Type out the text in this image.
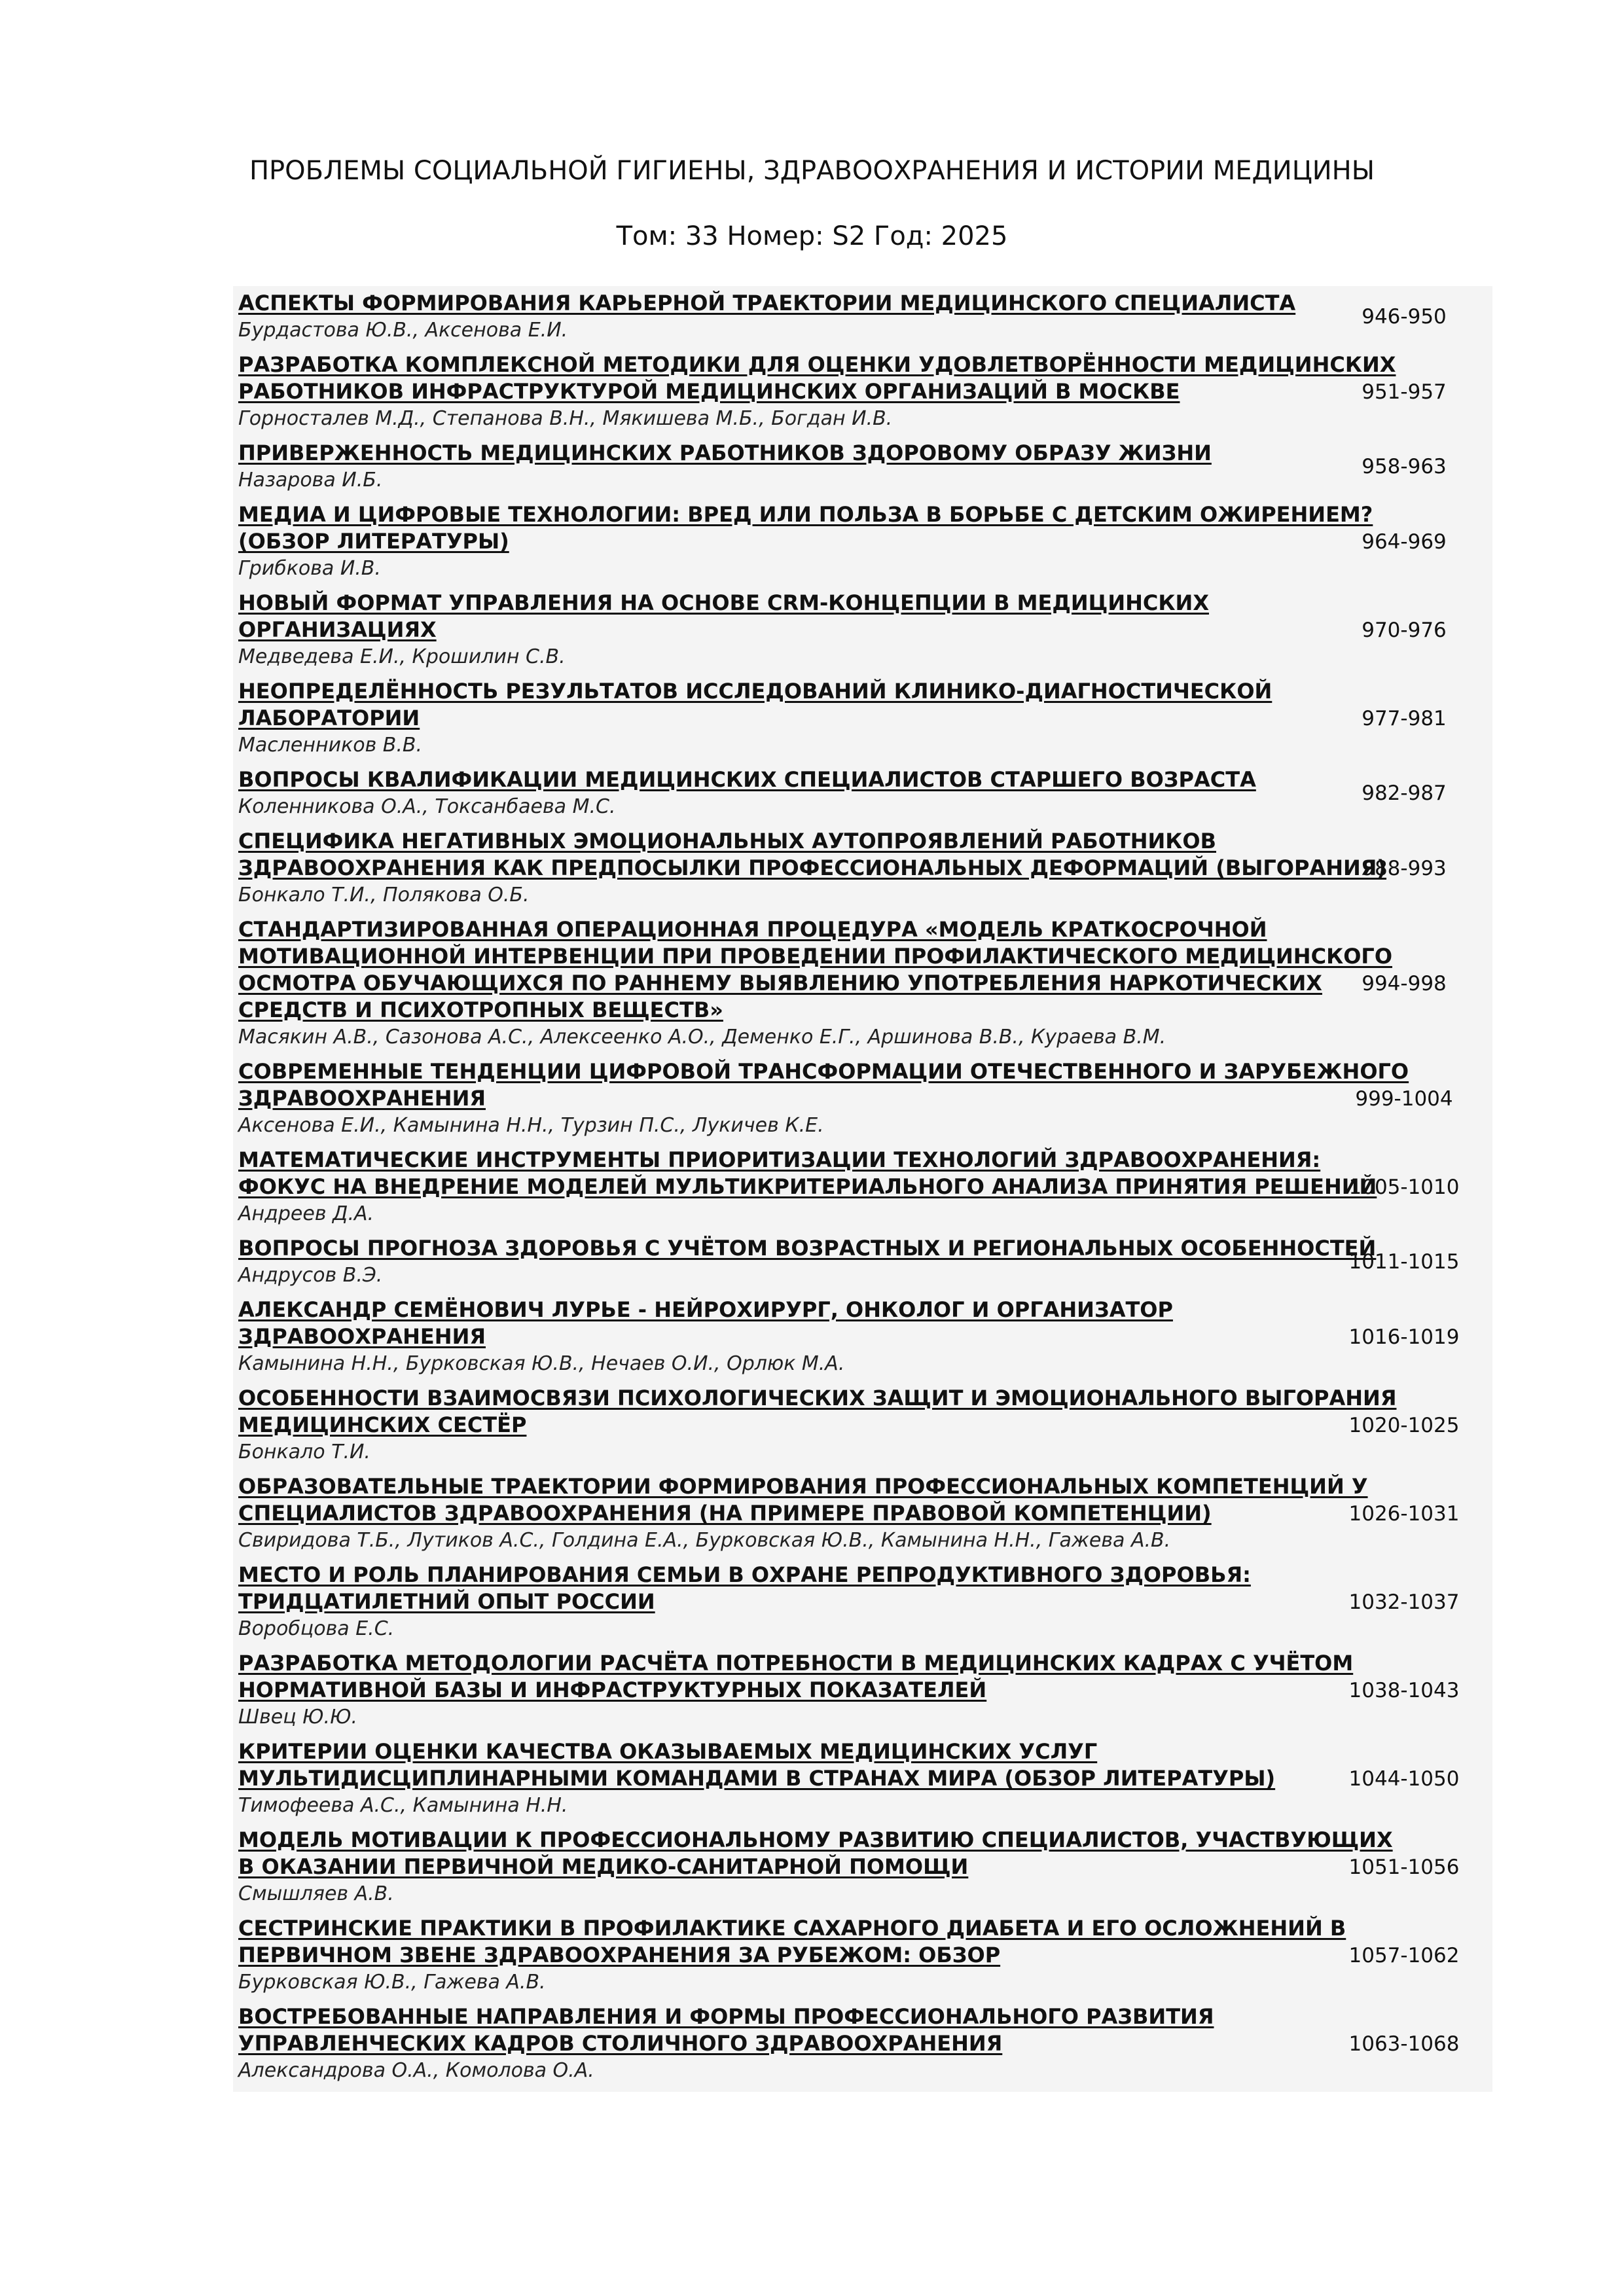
ПРОБЛЕМЫ СОЦИАЛЬНОЙ ГИГИЕНЫ, ЗДРАВООХРАНЕНИЯ И ИСТОРИИ МЕДИЦИНЫ
Том: 33 Номер: S2 Год: 2025
АСПЕКТЫ ФОРМИРОВАНИЯ КАРЬЕРНОЙ ТРАЕКТОРИИ МЕДИЦИНСКОГО СПЕЦИАЛИСТА
Бурдастова Ю.В., Аксенова Е.И.
946-950
РАЗРАБОТКА КОМПЛЕКСНОЙ МЕТОДИКИ ДЛЯ ОЦЕНКИ УДОВЛЕТВОРЁННОСТИ МЕДИЦИНСКИХ
РАБОТНИКОВ ИНФРАСТРУКТУРОЙ МЕДИЦИНСКИХ ОРГАНИЗАЦИЙ В МОСКВЕ
Горносталев М.Д., Степанова В.Н., Мякишева М.Б., Богдан И.В.
951-957
ПРИВЕРЖЕННОСТЬ МЕДИЦИНСКИХ РАБОТНИКОВ ЗДОРОВОМУ ОБРАЗУ ЖИЗНИ
Назарова И.Б.
958-963
МЕДИА И ЦИФРОВЫЕ ТЕХНОЛОГИИ: ВРЕД ИЛИ ПОЛЬЗА В БОРЬБЕ С ДЕТСКИМ ОЖИРЕНИЕМ?
(ОБЗОР ЛИТЕРАТУРЫ)
Грибкова И.В.
964-969
НОВЫЙ ФОРМАТ УПРАВЛЕНИЯ НА ОСНОВЕ CRM-КОНЦЕПЦИИ В МЕДИЦИНСКИХ
ОРГАНИЗАЦИЯХ
Медведева Е.И., Крошилин С.В.
970-976
НЕОПРЕДЕЛЁННОСТЬ РЕЗУЛЬТАТОВ ИССЛЕДОВАНИЙ КЛИНИКО-ДИАГНОСТИЧЕСКОЙ
ЛАБОРАТОРИИ
Масленников В.В.
977-981
ВОПРОСЫ КВАЛИФИКАЦИИ МЕДИЦИНСКИХ СПЕЦИАЛИСТОВ СТАРШЕГО ВОЗРАСТА
Коленникова О.А., Токсанбаева М.С.
982-987
СПЕЦИФИКА НЕГАТИВНЫХ ЭМОЦИОНАЛЬНЫХ АУТОПРОЯВЛЕНИЙ РАБОТНИКОВ
ЗДРАВООХРАНЕНИЯ КАК ПРЕДПОСЫЛКИ ПРОФЕССИОНАЛЬНЫХ ДЕФОРМАЦИЙ (ВЫГОРАНИЯ)
Бонкало Т.И., Полякова О.Б.
988-993
СТАНДАРТИЗИРОВАННАЯ ОПЕРАЦИОННАЯ ПРОЦЕДУРА «МОДЕЛЬ КРАТКОСРОЧНОЙ
МОТИВАЦИОННОЙ ИНТЕРВЕНЦИИ ПРИ ПРОВЕДЕНИИ ПРОФИЛАКТИЧЕСКОГО МЕДИЦИНСКОГО
ОСМОТРА ОБУЧАЮЩИХСЯ ПО РАННЕМУ ВЫЯВЛЕНИЮ УПОТРЕБЛЕНИЯ НАРКОТИЧЕСКИХ
СРЕДСТВ И ПСИХОТРОПНЫХ ВЕЩЕСТВ»
Масякин А.В., Сазонова А.С., Алексеенко А.О., Деменко Е.Г., Аршинова В.В., Кураева В.М.
994-998
СОВРЕМЕННЫЕ ТЕНДЕНЦИИ ЦИФРОВОЙ ТРАНСФОРМАЦИИ ОТЕЧЕСТВЕННОГО И ЗАРУБЕЖНОГО
ЗДРАВООХРАНЕНИЯ
Аксенова Е.И., Камынина Н.Н., Турзин П.С., Лукичев К.Е.
999-1004
МАТЕМАТИЧЕСКИЕ ИНСТРУМЕНТЫ ПРИОРИТИЗАЦИИ ТЕХНОЛОГИЙ ЗДРАВООХРАНЕНИЯ:
ФОКУС НА ВНЕДРЕНИЕ МОДЕЛЕЙ МУЛЬТИКРИТЕРИАЛЬНОГО АНАЛИЗА ПРИНЯТИЯ РЕШЕНИЙ
Андреев Д.А.
1005-1010
ВОПРОСЫ ПРОГНОЗА ЗДОРОВЬЯ С УЧЁТОМ ВОЗРАСТНЫХ И РЕГИОНАЛЬНЫХ ОСОБЕННОСТЕЙ
Андрусов В.Э.
1011-1015
АЛЕКСАНДР СЕМЁНОВИЧ ЛУРЬЕ - НЕЙРОХИРУРГ, ОНКОЛОГ И ОРГАНИЗАТОР
ЗДРАВООХРАНЕНИЯ
Камынина Н.Н., Бурковская Ю.В., Нечаев О.И., Орлюк М.А.
1016-1019
ОСОБЕННОСТИ ВЗАИМОСВЯЗИ ПСИХОЛОГИЧЕСКИХ ЗАЩИТ И ЭМОЦИОНАЛЬНОГО ВЫГОРАНИЯ
МЕДИЦИНСКИХ СЕСТЁР
Бонкало Т.И.
1020-1025
ОБРАЗОВАТЕЛЬНЫЕ ТРАЕКТОРИИ ФОРМИРОВАНИЯ ПРОФЕССИОНАЛЬНЫХ КОМПЕТЕНЦИЙ У
СПЕЦИАЛИСТОВ ЗДРАВООХРАНЕНИЯ (НА ПРИМЕРЕ ПРАВОВОЙ КОМПЕТЕНЦИИ)
Свиридова Т.Б., Лутиков А.С., Голдина Е.А., Бурковская Ю.В., Камынина Н.Н., Гажева А.В.
1026-1031
МЕСТО И РОЛЬ ПЛАНИРОВАНИЯ СЕМЬИ В ОХРАНЕ РЕПРОДУКТИВНОГО ЗДОРОВЬЯ:
ТРИДЦАТИЛЕТНИЙ ОПЫТ РОССИИ
Воробцова Е.С.
1032-1037
РАЗРАБОТКА МЕТОДОЛОГИИ РАСЧЁТА ПОТРЕБНОСТИ В МЕДИЦИНСКИХ КАДРАХ С УЧЁТОМ
НОРМАТИВНОЙ БАЗЫ И ИНФРАСТРУКТУРНЫХ ПОКАЗАТЕЛЕЙ
Швец Ю.Ю.
1038-1043
КРИТЕРИИ ОЦЕНКИ КАЧЕСТВА ОКАЗЫВАЕМЫХ МЕДИЦИНСКИХ УСЛУГ
МУЛЬТИДИСЦИПЛИНАРНЫМИ КОМАНДАМИ В СТРАНАХ МИРА (ОБЗОР ЛИТЕРАТУРЫ)
Тимофеева А.С., Камынина Н.Н.
1044-1050
МОДЕЛЬ МОТИВАЦИИ К ПРОФЕССИОНАЛЬНОМУ РАЗВИТИЮ СПЕЦИАЛИСТОВ, УЧАСТВУЮЩИХ
В ОКАЗАНИИ ПЕРВИЧНОЙ МЕДИКО-САНИТАРНОЙ ПОМОЩИ
Смышляев А.В.
1051-1056
СЕСТРИНСКИЕ ПРАКТИКИ В ПРОФИЛАКТИКЕ САХАРНОГО ДИАБЕТА И ЕГО ОСЛОЖНЕНИЙ В
ПЕРВИЧНОМ ЗВЕНЕ ЗДРАВООХРАНЕНИЯ ЗА РУБЕЖОМ: ОБЗОР
Бурковская Ю.В., Гажева А.В.
1057-1062
ВОСТРЕБОВАННЫЕ НАПРАВЛЕНИЯ И ФОРМЫ ПРОФЕССИОНАЛЬНОГО РАЗВИТИЯ
УПРАВЛЕНЧЕСКИХ КАДРОВ СТОЛИЧНОГО ЗДРАВООХРАНЕНИЯ
Александрова О.А., Комолова О.А.
1063-1068
